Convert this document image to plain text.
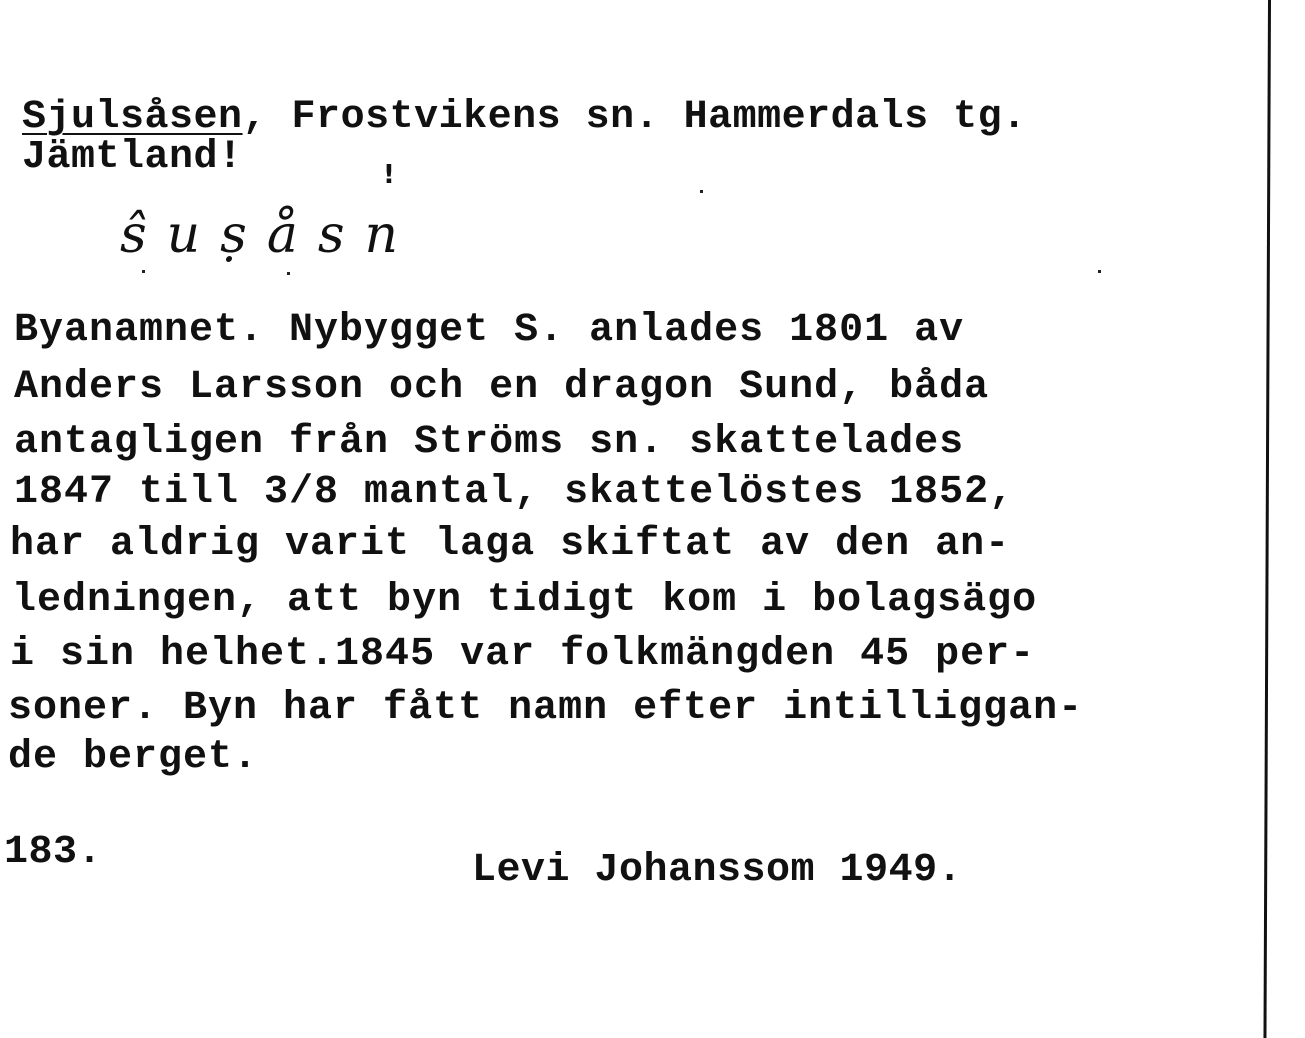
Sjulsåsen, Frostvikens sn. Hammerdals tg.
Jämtland!	!
ŝuṣåsn
Byanamnet. Nybygget S. anlades 1801 av
Anders Larsson och en dragon Sund, båda
antagligen från Ströms sn. skattelades
1847 till 3/8 mantal, skattelöstes 1852,
har aldrig varit laga skiftat av den an-
ledningen, att byn tidigt kom i bolagsägo
i sin helhet.1845 var folkmängden 45 per-
soner. Byn har fått namn efter intilliggan-
de berget.
183.	Levi Johanssom 1949.
